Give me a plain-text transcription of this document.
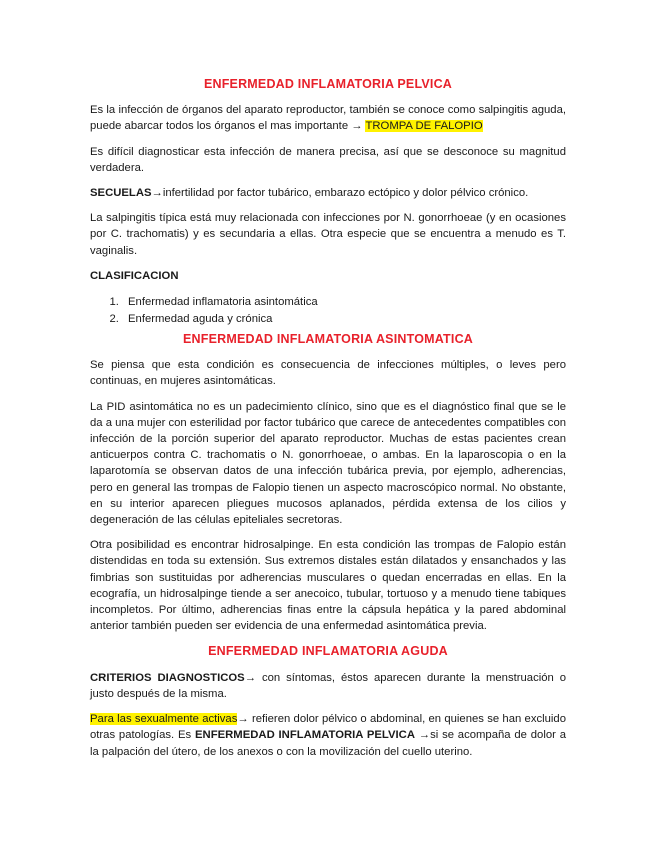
ENFERMEDAD INFLAMATORIA PELVICA

Es la infección de órganos del aparato reproductor, también se conoce como salpingitis aguda, puede abarcar todos los órganos el mas importante → TROMPA DE FALOPIO

Es difícil diagnosticar esta infección de manera precisa, así que se desconoce su magnitud verdadera.

SECUELAS→infertilidad por factor tubárico, embarazo ectópico y dolor pélvico crónico.

La salpingitis típica está muy relacionada con infecciones por N. gonorrhoeae (y en ocasiones por C. trachomatis) y es secundaria a ellas. Otra especie que se encuentra a menudo es T. vaginalis.

CLASIFICACION
1. Enfermedad inflamatoria asintomática
2. Enfermedad aguda y crónica
ENFERMEDAD INFLAMATORIA ASINTOMATICA

Se piensa que esta condición es consecuencia de infecciones múltiples, o leves pero continuas, en mujeres asintomáticas.

La PID asintomática no es un padecimiento clínico, sino que es el diagnóstico final que se le da a una mujer con esterilidad por factor tubárico que carece de antecedentes compatibles con infección de la porción superior del aparato reproductor. Muchas de estas pacientes crean anticuerpos contra C. trachomatis o N. gonorrhoeae, o ambas. En la laparoscopia o en la laparotomía se observan datos de una infección tubárica previa, por ejemplo, adherencias, pero en general las trompas de Falopio tienen un aspecto macroscópico normal. No obstante, en su interior aparecen pliegues mucosos aplanados, pérdida extensa de los cilios y degeneración de las células epiteliales secretoras.

Otra posibilidad es encontrar hidrosalpinge. En esta condición las trompas de Falopio están distendidas en toda su extensión. Sus extremos distales están dilatados y ensanchados y las fimbrias son sustituidas por adherencias musculares o quedan encerradas en ellas. En la ecografía, un hidrosalpinge tiende a ser anecoico, tubular, tortuoso y a menudo tiene tabiques incompletos. Por último, adherencias finas entre la cápsula hepática y la pared abdominal anterior también pueden ser evidencia de una enfermedad asintomática previa.

ENFERMEDAD INFLAMATORIA AGUDA

CRITERIOS DIAGNOSTICOS→ con síntomas, éstos aparecen durante la menstruación o justo después de la misma.

Para las sexualmente activas→ refieren dolor pélvico o abdominal, en quienes se han excluido otras patologías. Es ENFERMEDAD INFLAMATORIA PELVICA →si se acompaña de dolor a la palpación del útero, de los anexos o con la movilización del cuello uterino.
